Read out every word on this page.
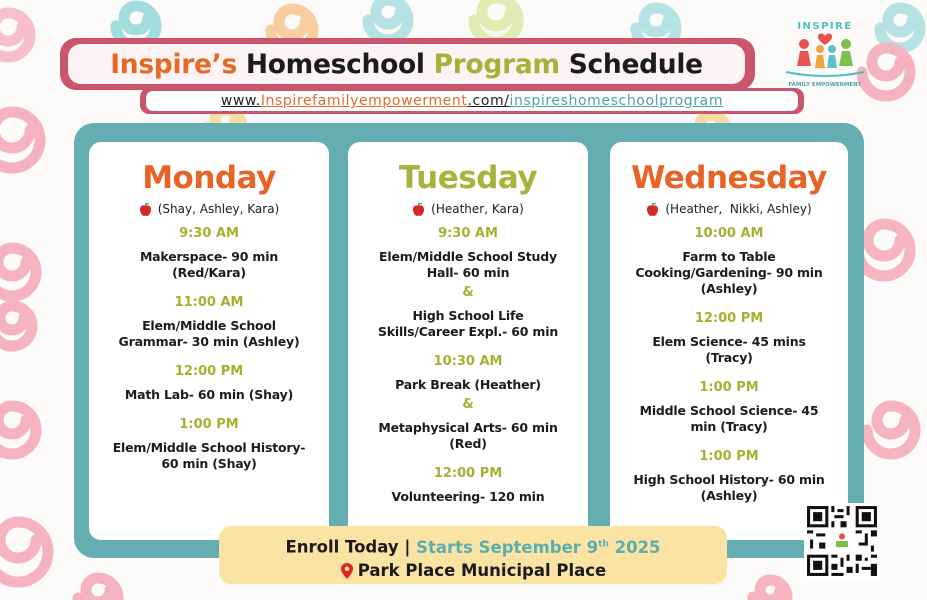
Inspire’s
Homeschool
Program
Schedule
www. Inspirefamilyempowerment .com/ inspireshomeschoolprogram
INSPIRE
FAMILY EMPOWERMENT
Monday
(Shay, Ashley, Kara)
9:30 AM
Makerspace- 90 min (Red/Kara)
11:00 AM
Elem/Middle School Grammar- 30 min (Ashley)
12:00 PM
Math Lab- 60 min (Shay)
1:00 PM
Elem/Middle School History- 60 min (Shay)
Tuesday
(Heather, Kara)
9:30 AM
Elem/Middle School Study Hall- 60 min
&
High School Life Skills/Career Expl.- 60 min
10:30 AM
Park Break (Heather)
&
Metaphysical Arts- 60 min (Red)
12:00 PM
Volunteering- 120 min
Wednesday
(Heather,  Nikki, Ashley)
10:00 AM
Farm to Table Cooking/Gardening- 90 min (Ashley)
12:00 PM
Elem Science- 45 mins (Tracy)
1:00 PM
Middle School Science- 45 min (Tracy)
1:00 PM
High School History- 60 min (Ashley)
Enroll Today | Starts September 9th 2025
Park Place Municipal Place
